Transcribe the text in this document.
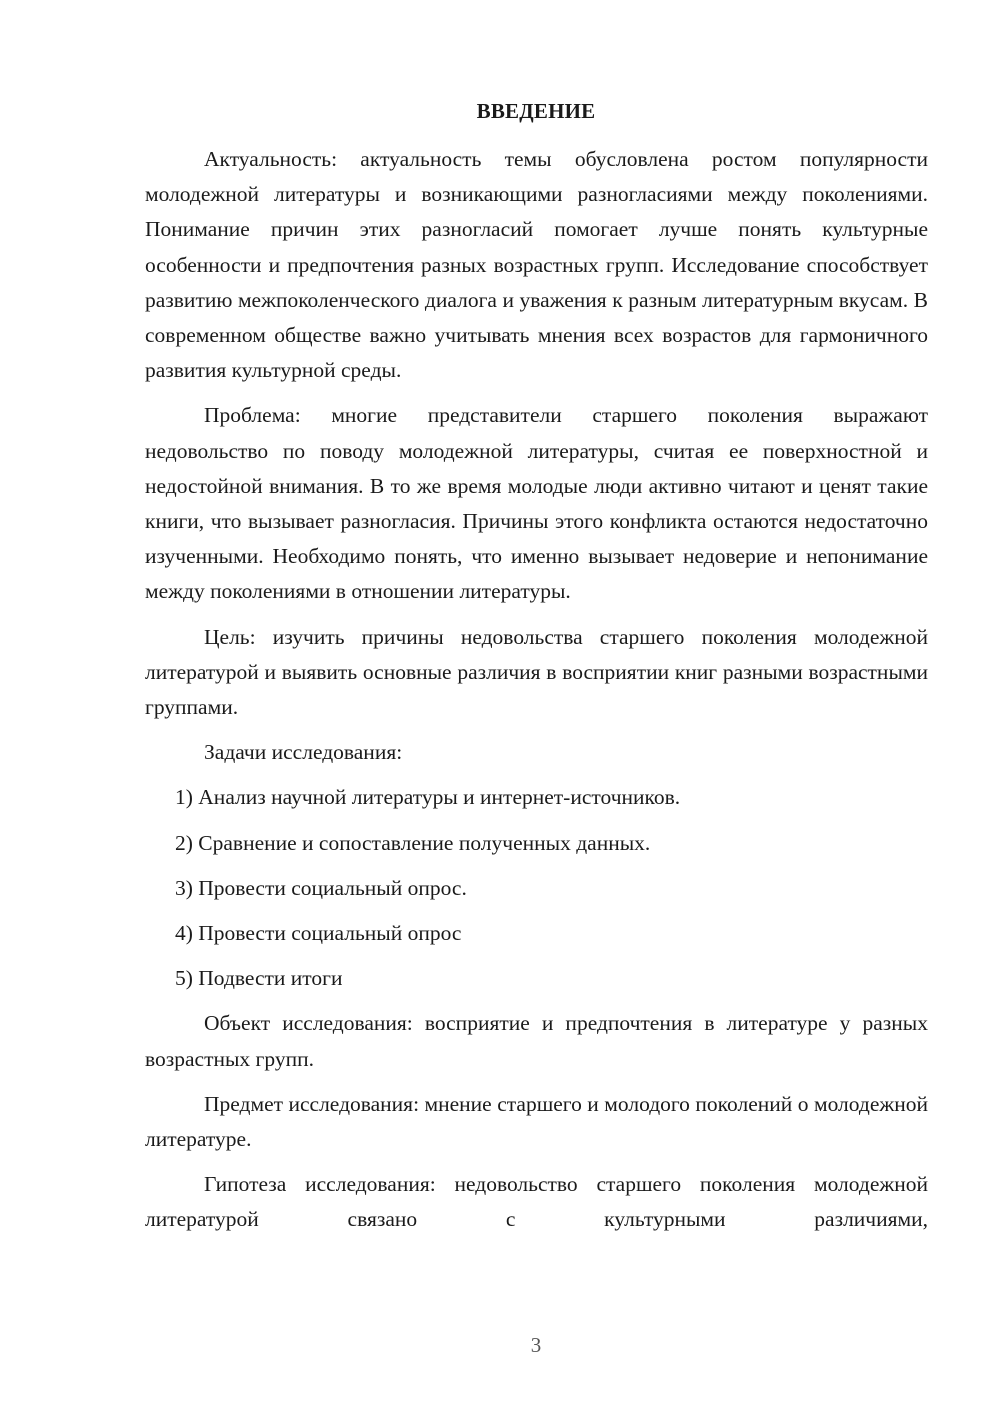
ВВЕДЕНИЕ

Актуальность: актуальность темы обусловлена ростом популярности молодежной литературы и возникающими разногласиями между поколениями. Понимание причин этих разногласий помогает лучше понять культурные особенности и предпочтения разных возрастных групп. Исследование способствует развитию межпоколенческого диалога и уважения к разным литературным вкусам. В современном обществе важно учитывать мнения всех возрастов для гармоничного развития культурной среды.

Проблема: многие представители старшего поколения выражают недовольство по поводу молодежной литературы, считая ее поверхностной и недостойной внимания. В то же время молодые люди активно читают и ценят такие книги, что вызывает разногласия. Причины этого конфликта остаются недостаточно изученными. Необходимо понять, что именно вызывает недоверие и непонимание между поколениями в отношении литературы.

Цель: изучить причины недовольства старшего поколения молодежной литературой и выявить основные различия в восприятии книг разными возрастными группами.

Задачи исследования:

1) Анализ научной литературы и интернет-источников.
2) Сравнение и сопоставление полученных данных.
3) Провести социальный опрос.
4) Провести социальный опрос
5) Подвести итоги

Объект исследования: восприятие и предпочтения в литературе у разных возрастных групп.

Предмет исследования: мнение старшего и молодого поколений о молодежной литературе.

Гипотеза исследования: недовольство старшего поколения молодежной литературой связано с культурными различиями,

3
